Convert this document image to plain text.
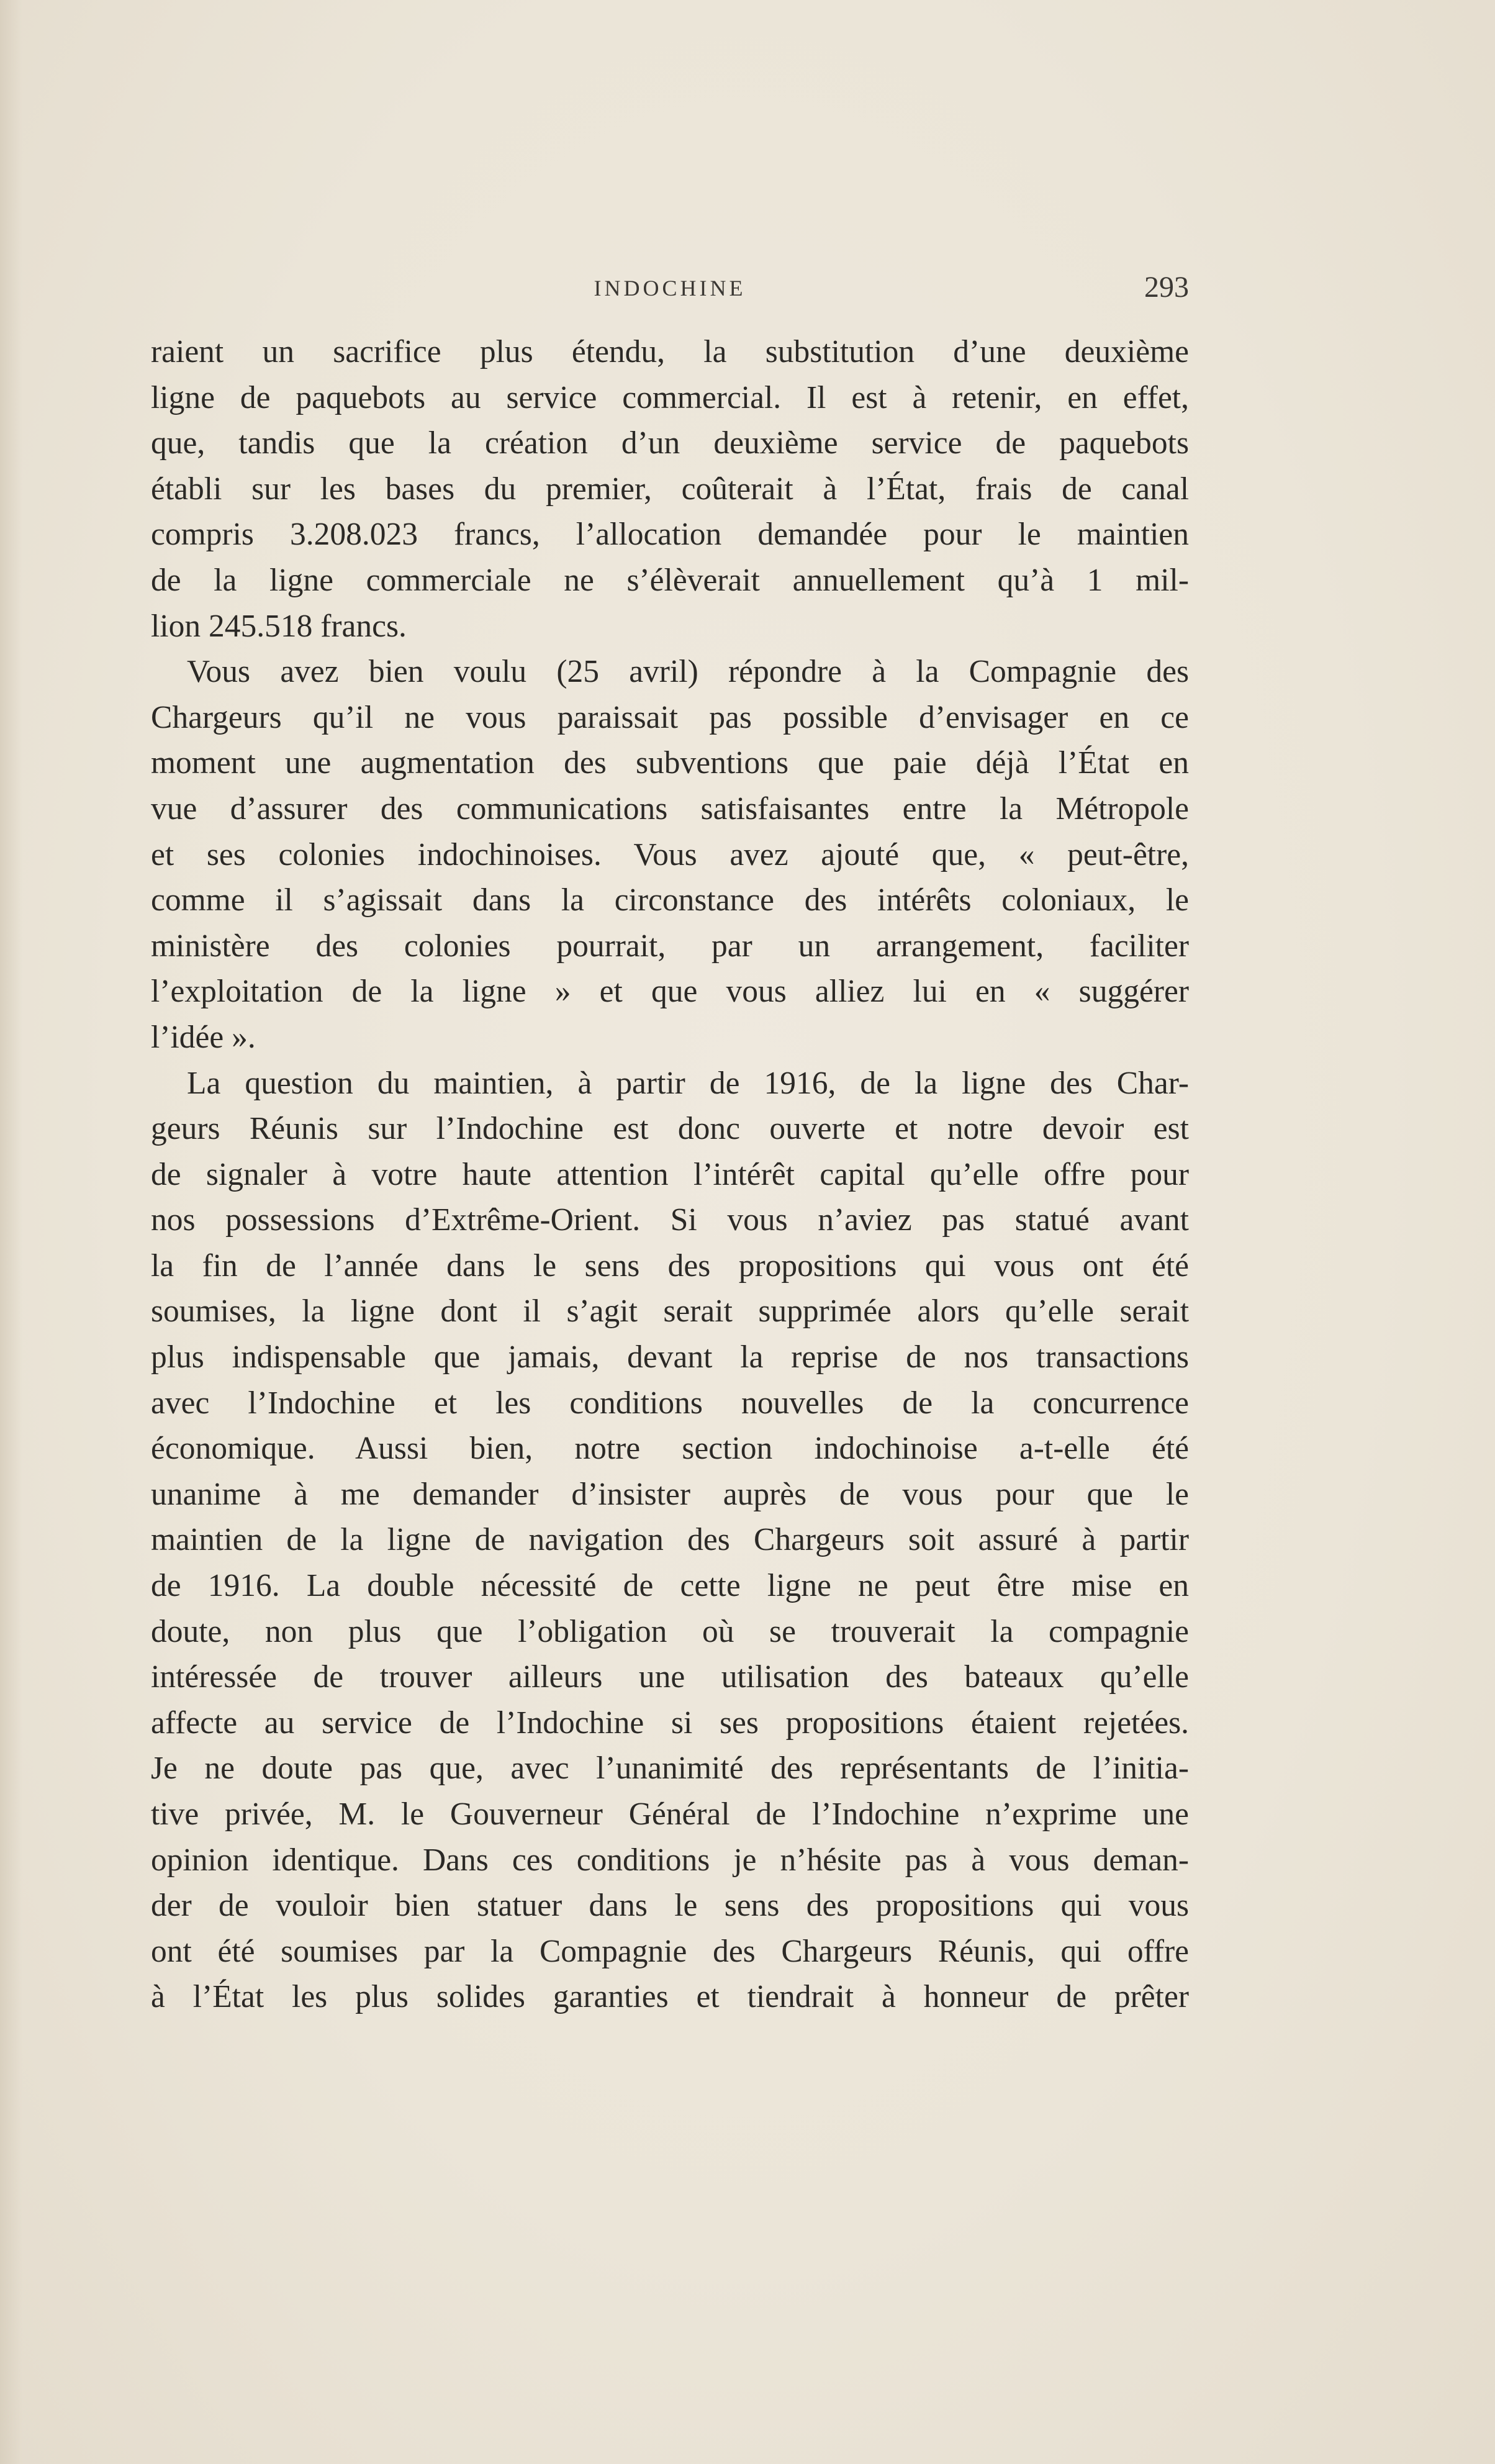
INDOCHINE	293
raient un sacrifice plus étendu, la substitution d’une deuxième
ligne de paquebots au service commercial. Il est à retenir, en effet,
que, tandis que la création d’un deuxième service de paquebots
établi sur les bases du premier, coûterait à l’État, frais de canal
compris 3.208.023 francs, l’allocation demandée pour le maintien
de la ligne commerciale ne s’élèverait annuellement qu’à 1 mil-
lion 245.518 francs.
Vous avez bien voulu (25 avril) répondre à la Compagnie des
Chargeurs qu’il ne vous paraissait pas possible d’envisager en ce
moment une augmentation des subventions que paie déjà l’État en
vue d’assurer des communications satisfaisantes entre la Métropole
et ses colonies indochinoises. Vous avez ajouté que, « peut-être,
comme il s’agissait dans la circonstance des intérêts coloniaux, le
ministère des colonies pourrait, par un arrangement, faciliter
l’exploitation de la ligne » et que vous alliez lui en « suggérer
l’idée ».
La question du maintien, à partir de 1916, de la ligne des Char-
geurs Réunis sur l’Indochine est donc ouverte et notre devoir est
de signaler à votre haute attention l’intérêt capital qu’elle offre pour
nos possessions d’Extrême-Orient. Si vous n’aviez pas statué avant
la fin de l’année dans le sens des propositions qui vous ont été
soumises, la ligne dont il s’agit serait supprimée alors qu’elle serait
plus indispensable que jamais, devant la reprise de nos transactions
avec l’Indochine et les conditions nouvelles de la concurrence
économique. Aussi bien, notre section indochinoise a-t-elle été
unanime à me demander d’insister auprès de vous pour que le
maintien de la ligne de navigation des Chargeurs soit assuré à partir
de 1916. La double nécessité de cette ligne ne peut être mise en
doute, non plus que l’obligation où se trouverait la compagnie
intéressée de trouver ailleurs une utilisation des bateaux qu’elle
affecte au service de l’Indochine si ses propositions étaient rejetées.
Je ne doute pas que, avec l’unanimité des représentants de l’initia-
tive privée, M. le Gouverneur Général de l’Indochine n’exprime une
opinion identique. Dans ces conditions je n’hésite pas à vous deman-
der de vouloir bien statuer dans le sens des propositions qui vous
ont été soumises par la Compagnie des Chargeurs Réunis, qui offre
à l’État les plus solides garanties et tiendrait à honneur de prêter
